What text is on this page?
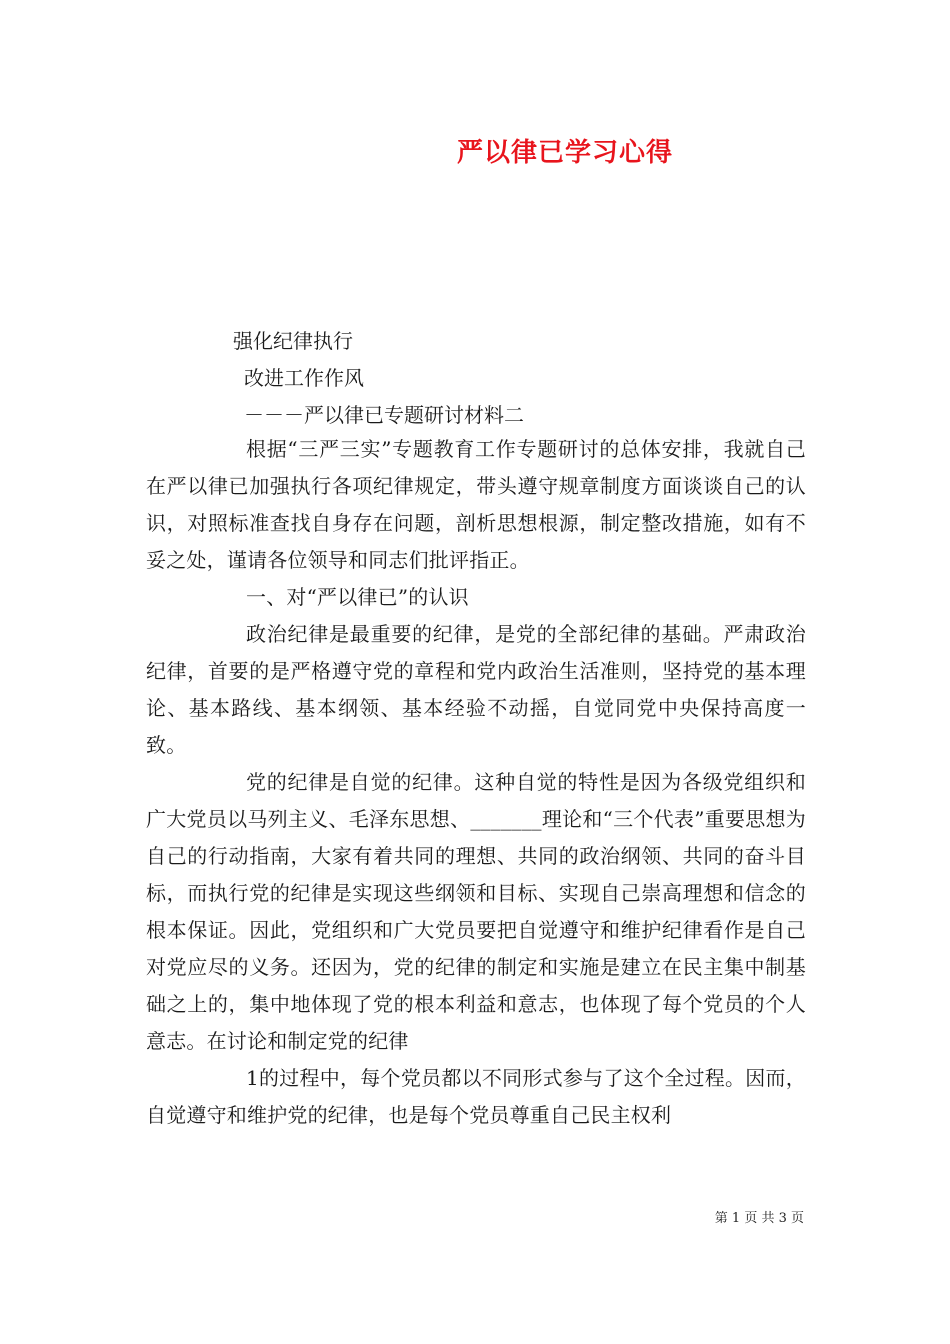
严以律已学习心得
强化纪律执行
改进工作作风
－－－严以律已专题研讨材料二

根据“三严三实”专题教育工作专题研讨的总体安排，我就自己在严以律已加强执行各项纪律规定，带头遵守规章制度方面谈谈自己的认识，对照标准查找自身存在问题，剖析思想根源，制定整改措施，如有不妥之处，谨请各位领导和同志们批评指正。

一、对“严以律已”的认识

政治纪律是最重要的纪律，是党的全部纪律的基础。严肃政治纪律，首要的是严格遵守党的章程和党内政治生活准则，坚持党的基本理论、基本路线、基本纲领、基本经验不动摇，自觉同党中央保持高度一致。

党的纪律是自觉的纪律。这种自觉的特性是因为各级党组织和广大党员以马列主义、毛泽东思想、_______理论和“三个代表”重要思想为自己的行动指南，大家有着共同的理想、共同的政治纲领、共同的奋斗目标，而执行党的纪律是实现这些纲领和目标、实现自己崇高理想和信念的根本保证。因此，党组织和广大党员要把自觉遵守和维护纪律看作是自己对党应尽的义务。还因为，党的纪律的制定和实施是建立在民主集中制基础之上的，集中地体现了党的根本利益和意志，也体现了每个党员的个人意志。在讨论和制定党的纪律

1的过程中，每个党员都以不同形式参与了这个全过程。因而，自觉遵守和维护党的纪律，也是每个党员尊重自己民主权利

第 1 页 共 3 页
